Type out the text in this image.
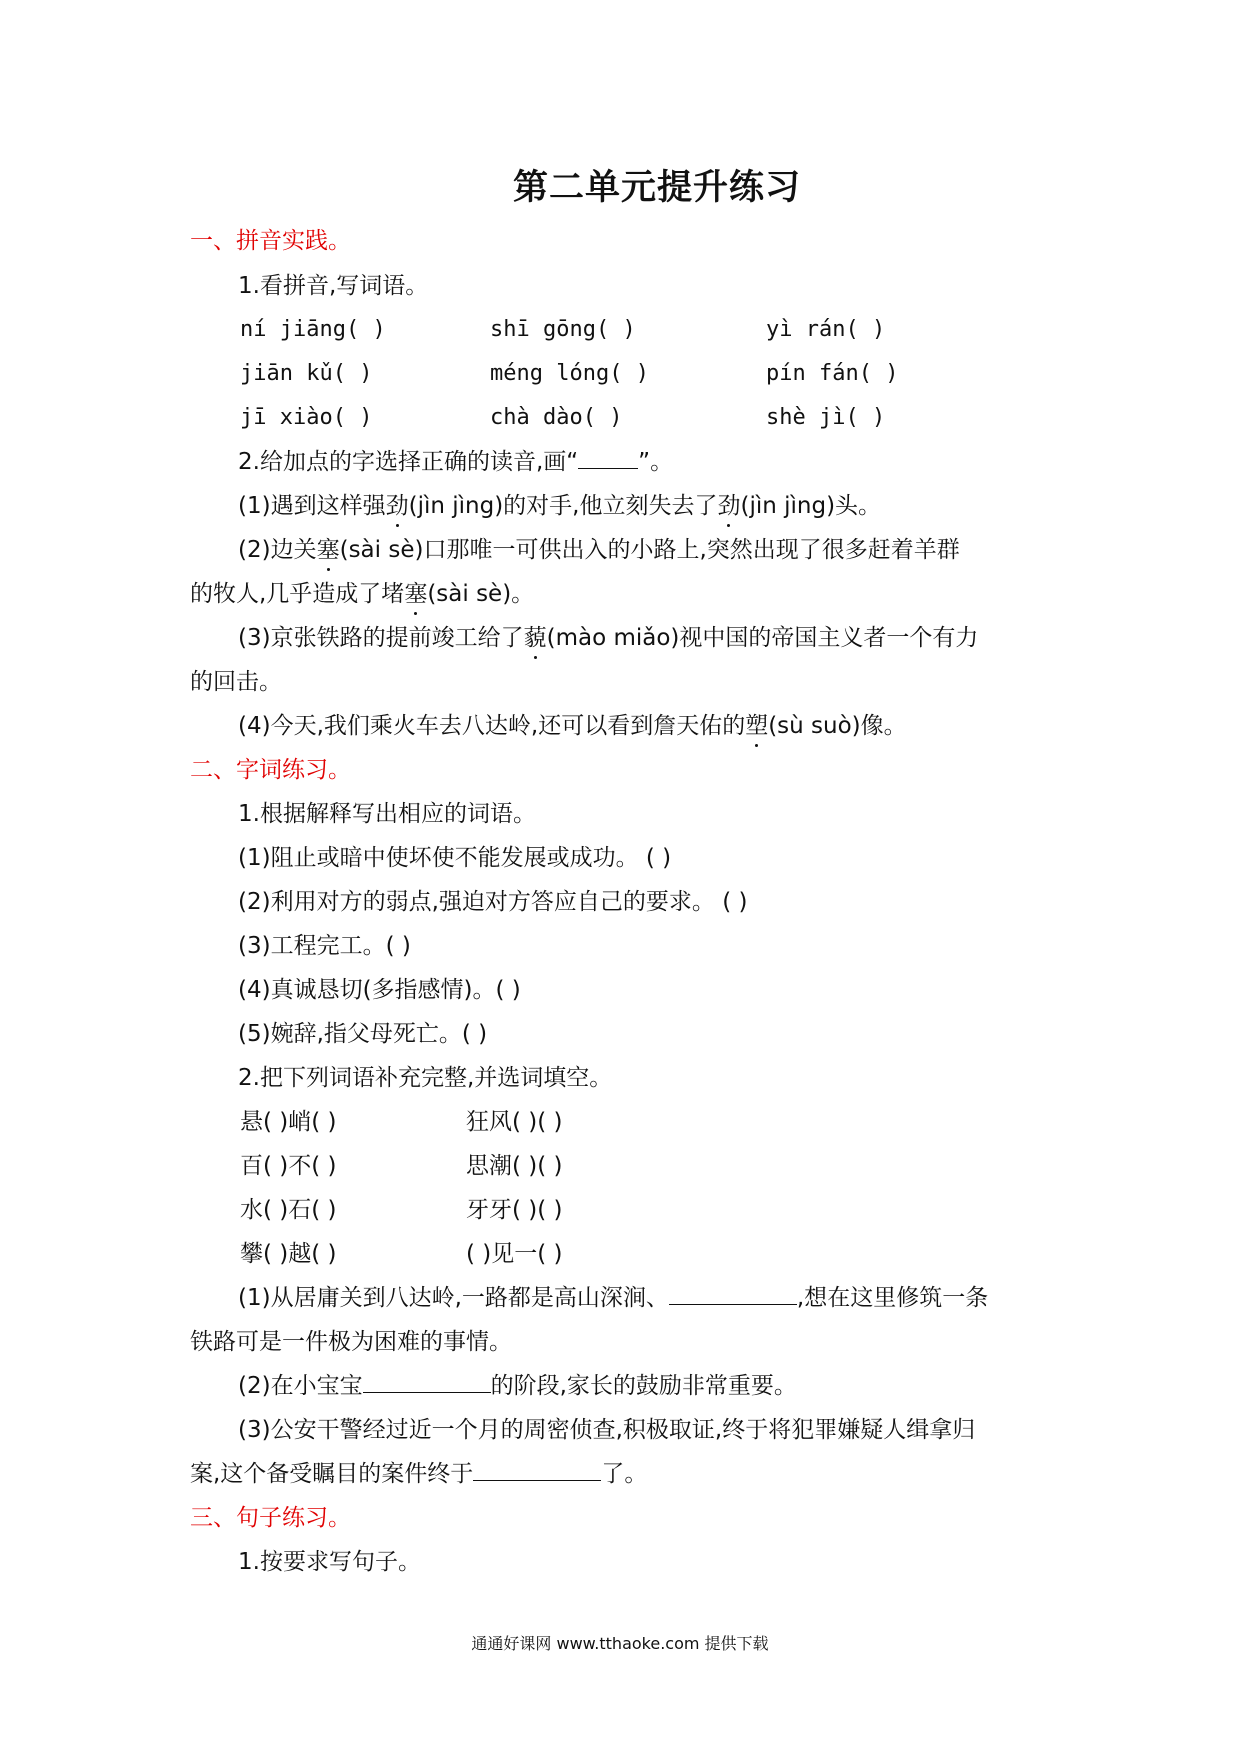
第二单元提升练习
一、拼音实践。
1.看拼音,写词语。
ní jiāng( )	shī gōng( )	yì rán( )
jiān kǔ( )	méng lóng( )	pín fán( )
jī xiào( )	chà dào( )	shè jì( )
2.给加点的字选择正确的读音,画“	”。
(1)遇到这样强劲(jìn jìng)的对手,他立刻失去了劲(jìn jìng)头。
(2)边关塞(sài sè)口那唯一可供出入的小路上,突然出现了很多赶着羊群
的牧人,几乎造成了堵塞(sài sè)。
(3)京张铁路的提前竣工给了藐(mào miǎo)视中国的帝国主义者一个有力
的回击。
(4)今天,我们乘火车去八达岭,还可以看到詹天佑的塑(sù suò)像。
二、字词练习。
1.根据解释写出相应的词语。
(1)阻止或暗中使坏使不能发展或成功。 ( )
(2)利用对方的弱点,强迫对方答应自己的要求。 ( )
(3)工程完工。( )
(4)真诚恳切(多指感情)。( )
(5)婉辞,指父母死亡。( )
2.把下列词语补充完整,并选词填空。
悬( )峭( )	狂风( )( )
百( )不( )	思潮( )( )
水( )石( )	牙牙( )( )
攀( )越( )	( )见一( )
(1)从居庸关到八达岭,一路都是高山深涧、	,想在这里修筑一条
铁路可是一件极为困难的事情。
(2)在小宝宝	的阶段,家长的鼓励非常重要。
(3)公安干警经过近一个月的周密侦查,积极取证,终于将犯罪嫌疑人缉拿归
案,这个备受瞩目的案件终于	了。
三、句子练习。
1.按要求写句子。
通通好课网 www.tthaoke.com 提供下载
